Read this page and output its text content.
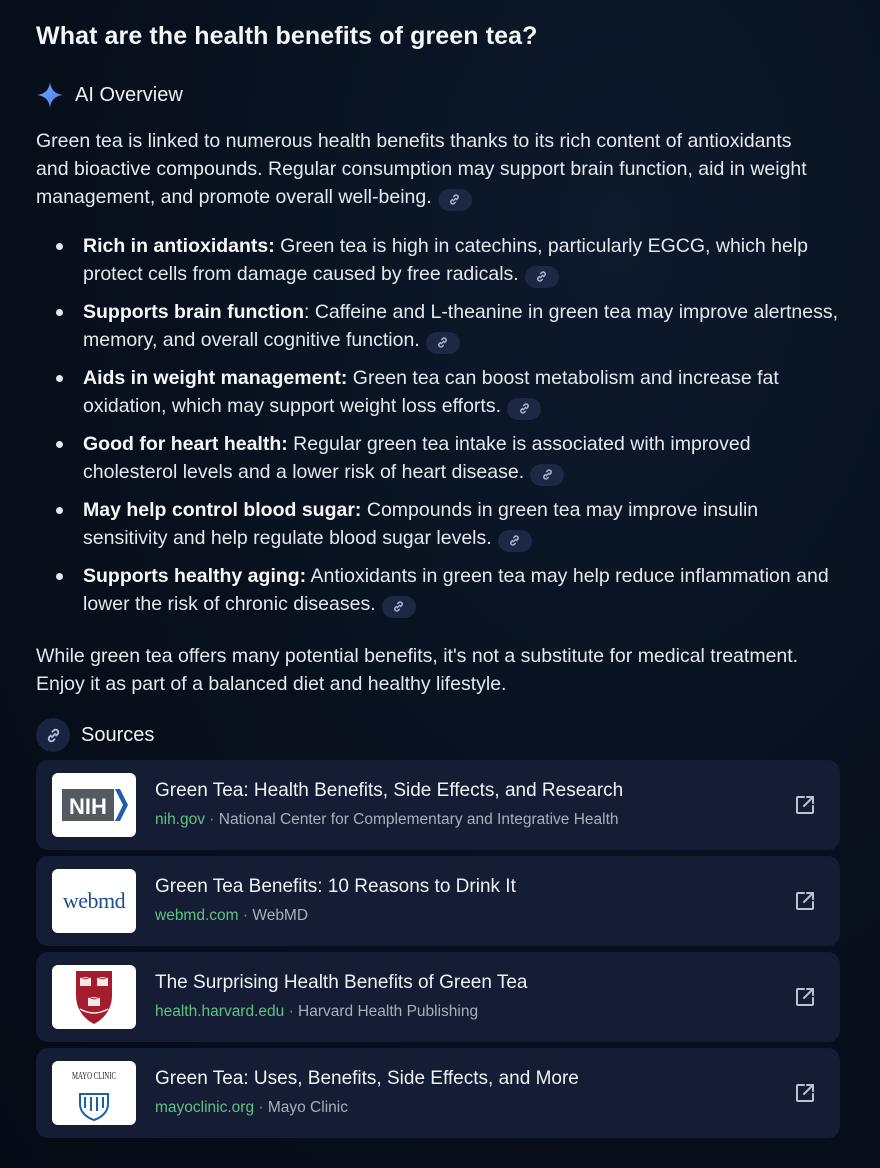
What are the health benefits of green tea?
AI Overview

Green tea is linked to numerous health benefits thanks to its rich content of antioxidants and bioactive compounds. Regular consumption may support brain function, aid in weight management, and promote overall well-being.

Rich in antioxidants: Green tea is high in catechins, particularly EGCG, which help protect cells from damage caused by free radicals.
Supports brain function: Caffeine and L-theanine in green tea may improve alertness, memory, and overall cognitive function.
Aids in weight management: Green tea can boost metabolism and increase fat oxidation, which may support weight loss efforts.
Good for heart health: Regular green tea intake is associated with improved cholesterol levels and a lower risk of heart disease.
May help control blood sugar: Compounds in green tea may improve insulin sensitivity and help regulate blood sugar levels.
Supports healthy aging: Antioxidants in green tea may help reduce inflammation and lower the risk of chronic diseases.

While green tea offers many potential benefits, it's not a substitute for medical treatment. Enjoy it as part of a balanced diet and healthy lifestyle.

Sources
NIH
Green Tea: Health Benefits, Side Effects, and Research
nih.gov · National Center for Complementary and Integrative Health
webmd
Green Tea Benefits: 10 Reasons to Drink It
webmd.com · WebMD
The Surprising Health Benefits of Green Tea
health.harvard.edu · Harvard Health Publishing
MAYO CLINIC Green Tea: Uses, Benefits, Side Effects, and More
mayoclinic.org · Mayo Clinic
